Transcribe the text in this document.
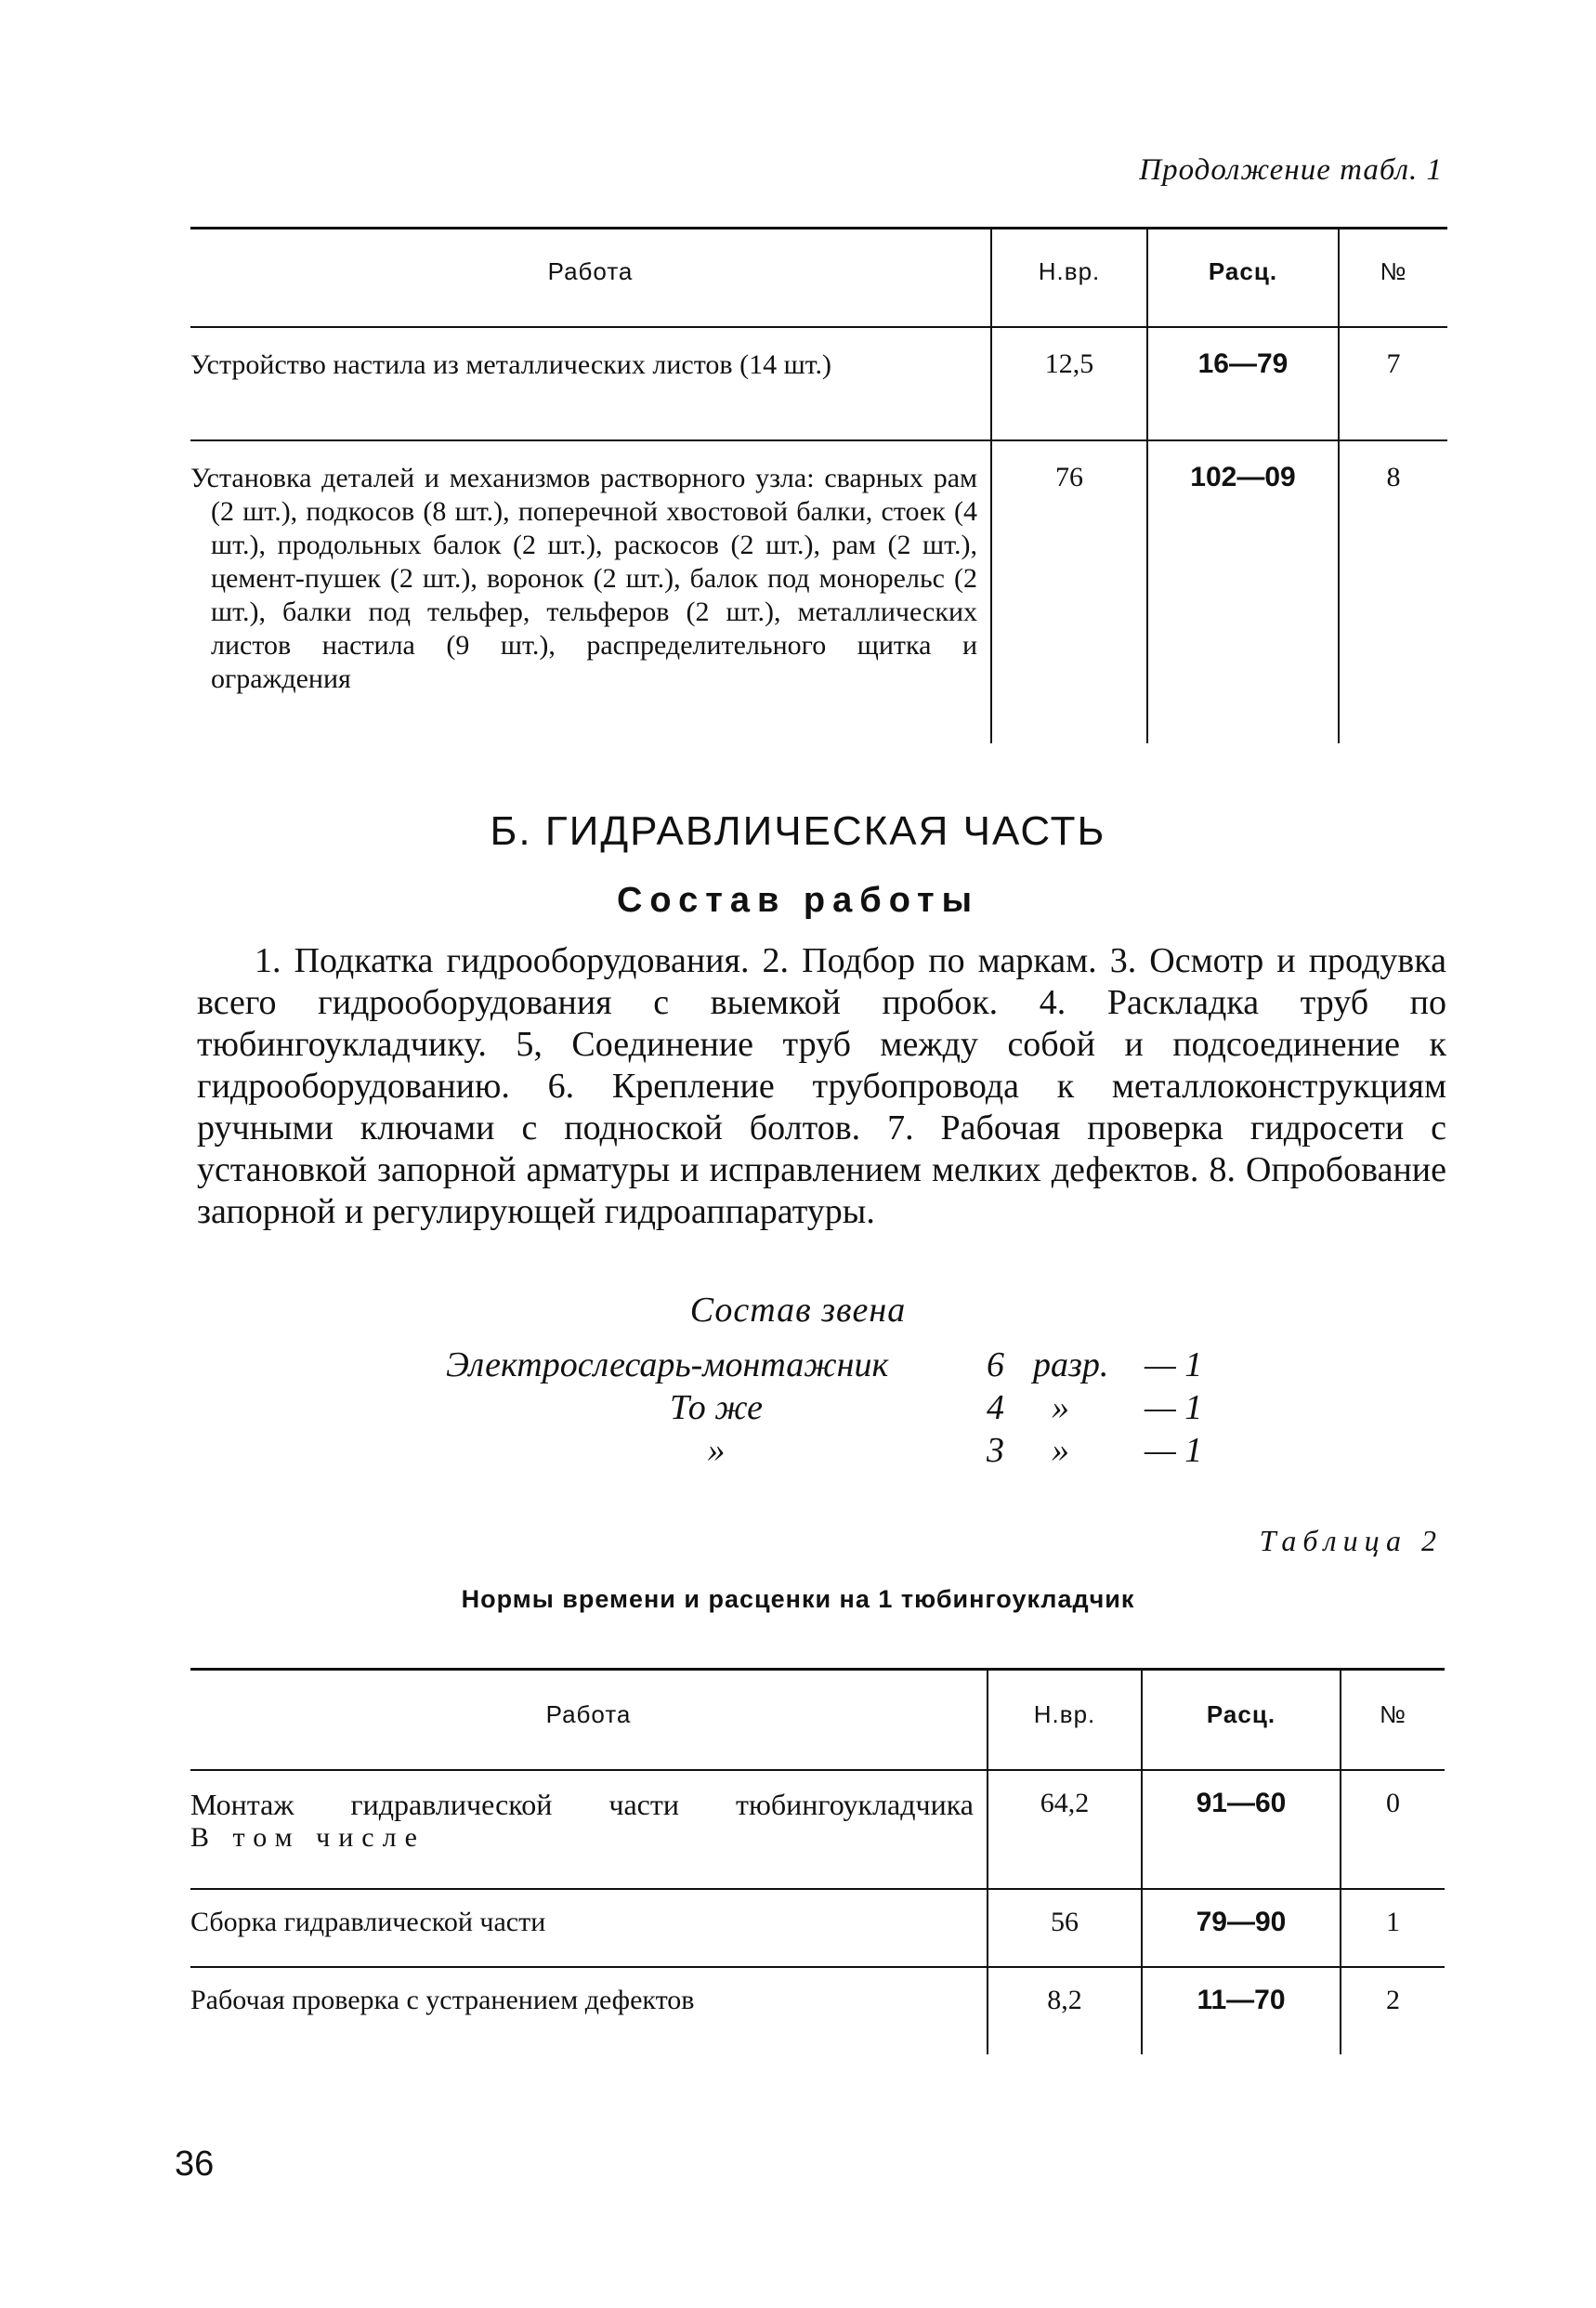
Продолжение табл. 1
Работа	Н.вр.	Расц.	№

Устройство настила из металлических листов (14 шт.)	12,5	16—79	7

Установка деталей и механизмов растворного узла: сварных рам (2 шт.), подкосов (8 шт.), поперечной хвостовой балки, стоек (4 шт.), продольных балок (2 шт.), раскосов (2 шт.), рам (2 шт.), цемент-пушек (2 шт.), воронок (2 шт.), балок под монорельс (2 шт.), балки под тельфер, тельферов (2 шт.), металлических листов настила (9 шт.), распределительного щитка и ограждения	76	102—09	8
Б. ГИДРАВЛИЧЕСКАЯ ЧАСТЬ
Состав работы
1. Подкатка гидрооборудования. 2. Подбор по маркам. 3. Осмотр и продувка всего гидрооборудования с выемкой пробок. 4. Раскладка труб по тюбингоукладчику. 5, Соединение труб между собой и подсоединение к гидрооборудованию. 6. Крепление трубопровода к металлоконструкциям ручными ключами с подноской болтов. 7. Рабочая проверка гидросети с установкой запорной арматуры и исправлением мелких дефектов. 8. Опробование запорной и регулирующей гидроаппаратуры.
Состав звена
Электрослесарь-монтажник	6 разр.	— 1
То же	4	»	— 1
»	3	»	— 1
Таблица 2
Нормы времени и расценки на 1 тюбингоукладчик
Работа	Н.вр.	Расц.	№

Монтаж гидравлической части тюбингоукладчика
В том числе	64,2	91—60	0
Сборка гидравлической части	56	79—90	1
Рабочая проверка с устранением дефектов	8,2	11—70	2
36
